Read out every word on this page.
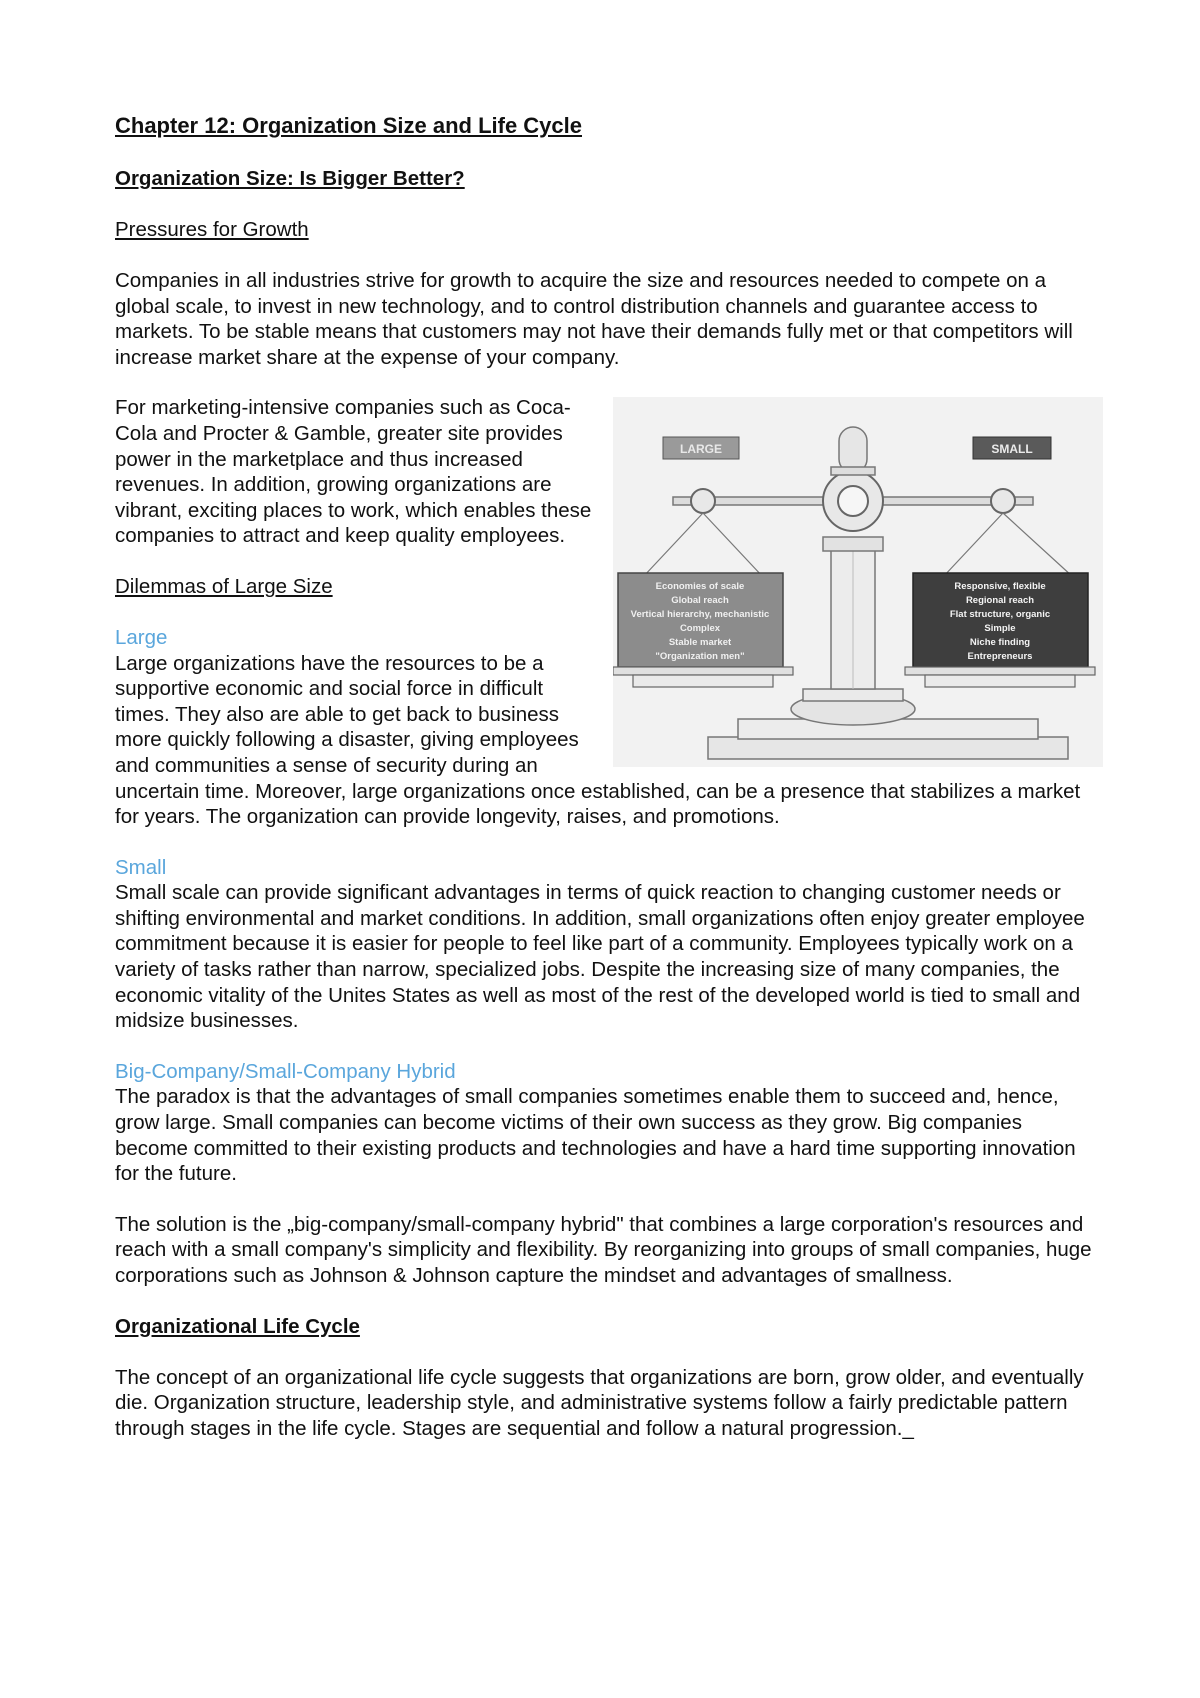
Chapter 12: Organization Size and Life Cycle

Organization Size: Is Bigger Better?

Pressures for Growth

Companies in all industries strive for growth to acquire the size and resources needed to compete on a global scale, to invest in new technology, and to control distribution channels and guarantee access to markets. To be stable means that customers may not have their demands fully met or that competitors will increase market share at the expense of your company.

LARGE	SMALL
Economies of scale
Global reach
Vertical hierarchy, mechanistic
Complex
Stable market
"Organization men"
Responsive, flexible
Regional reach
Flat structure, organic
Simple
Niche finding
Entrepreneurs

For marketing-intensive companies such as Coca-Cola and Procter & Gamble, greater site provides power in the marketplace and thus increased revenues. In addition, growing organizations are vibrant, exciting places to work, which enables these companies to attract and keep quality employees.

Dilemmas of Large Size

Large

Large organizations have the resources to be a supportive economic and social force in difficult times. They also are able to get back to business more quickly following a disaster, giving employees and communities a sense of security during an uncertain time. Moreover, large organizations once established, can be a presence that stabilizes a market for years. The organization can provide longevity, raises, and promotions.

Small

Small scale can provide significant advantages in terms of quick reaction to changing customer needs or shifting environmental and market conditions. In addition, small organizations often enjoy greater employee commitment because it is easier for people to feel like part of a community. Employees typically work on a variety of tasks rather than narrow, specialized jobs. Despite the increasing size of many companies, the economic vitality of the Unites States as well as most of the rest of the developed world is tied to small and midsize businesses.

Big-Company/Small-Company Hybrid

The paradox is that the advantages of small companies sometimes enable them to succeed and, hence, grow large. Small companies can become victims of their own success as they grow. Big companies become committed to their existing products and technologies and have a hard time supporting innovation for the future.

The solution is the „big-company/small-company hybrid" that combines a large corporation's resources and reach with a small company's simplicity and flexibility. By reorganizing into groups of small companies, huge corporations such as Johnson & Johnson capture the mindset and advantages of smallness.

Organizational Life Cycle

The concept of an organizational life cycle suggests that organizations are born, grow older, and eventually die. Organization structure, leadership style, and administrative systems follow a fairly predictable pattern through stages in the life cycle. Stages are sequential and follow a natural progression._
